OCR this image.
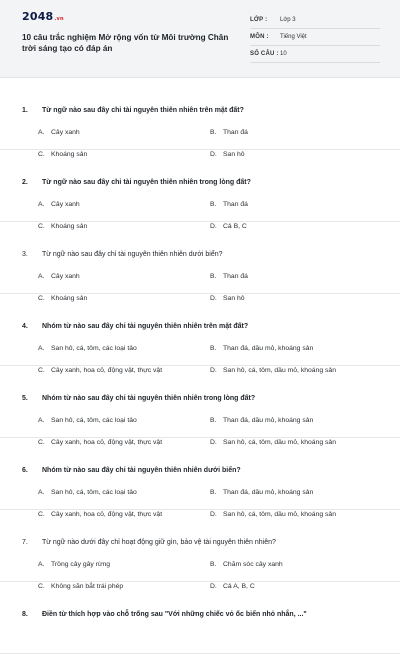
2048.vn
10 câu trắc nghiệm Mở rộng vốn từ Môi trường Chân trời sáng tạo có đáp án
LỚP :	Lớp 3
MÔN :	Tiếng Việt
SỐ CÂU : 10
1. Từ ngữ nào sau đây chỉ tài nguyên thiên nhiên trên mặt đất?
A. Cây xanh	B. Than đá
C. Khoáng sản	D. San hô
2. Từ ngữ nào sau đây chỉ tài nguyên thiên nhiên trong lòng đất?
A. Cây xanh	B. Than đá
C. Khoáng sản	D. Cả B, C
3. Từ ngữ nào sau đây chỉ tài nguyên thiên nhiên dưới biển?
A. Cây xanh	B. Than đá
C. Khoáng sản	D. San hô
4. Nhóm từ nào sau đây chỉ tài nguyên thiên nhiên trên mặt đất?
A. San hô, cá, tôm, các loại tảo	B. Than đá, dầu mỏ, khoáng sản
C. Cây xanh, hoa cỏ, động vật, thực vật	D. San hô, cá, tôm, dầu mỏ, khoáng sản
5. Nhóm từ nào sau đây chỉ tài nguyên thiên nhiên trong lòng đất?
A. San hô, cá, tôm, các loại tảo	B. Than đá, dầu mỏ, khoáng sản
C. Cây xanh, hoa cỏ, động vật, thực vật	D. San hô, cá, tôm, dầu mỏ, khoáng sản
6. Nhóm từ nào sau đây chỉ tài nguyên thiên nhiên dưới biển?
A. San hô, cá, tôm, các loại tảo	B. Than đá, dầu mỏ, khoáng sản
C. Cây xanh, hoa cỏ, động vật, thực vật	D. San hô, cá, tôm, dầu mỏ, khoáng sản
7. Từ ngữ nào dưới đây chỉ hoạt động giữ gìn, bảo vệ tài nguyên thiên nhiên?
A. Trồng cây gây rừng	B. Chăm sóc cây xanh
C. Không săn bắt trái phép	D. Cả A, B, C
8. Điền từ thích hợp vào chỗ trống sau "Với những chiếc vỏ ốc biển nhỏ nhắn, ..."
